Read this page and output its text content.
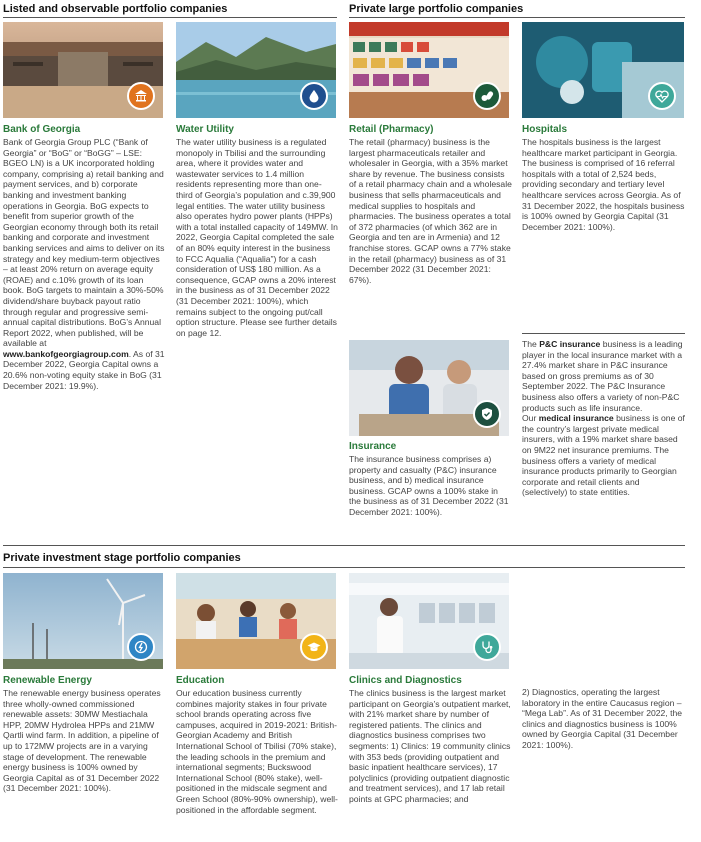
Listed and observable portfolio companies	Private large portfolio companies
Bank of Georgia

Bank of Georgia Group PLC (“Bank of Georgia” or “BoG” or “BoGG” – LSE: BGEO LN) is a UK incorporated holding company, comprising a) retail banking and payment services, and b) corporate banking and investment banking operations in Georgia. BoG expects to benefit from superior growth of the Georgian economy through both its retail banking and corporate and investment banking services and aims to deliver on its strategy and key medium-term objectives – at least 20% return on average equity (ROAE) and c.10% growth of its loan book. BoG targets to maintain a 30%-50% dividend/share buyback payout ratio through regular and progressive semi-annual capital distributions. BoG’s Annual Report 2022, when published, will be available at www.bankofgeorgiagroup.com. As of 31 December 2022, Georgia Capital owns a 20.6% non-voting equity stake in BoG (31 December 2021: 19.9%).

Water Utility

The water utility business is a regulated monopoly in Tbilisi and the surrounding area, where it provides water and wastewater services to 1.4 million residents representing more than one-third of Georgia’s population and c.39,900 legal entities. The water utility business also operates hydro power plants (HPPs) with a total installed capacity of 149MW. In 2022, Georgia Capital completed the sale of an 80% equity interest in the business to FCC Aqualia (“Aqualia”) for a cash consideration of US$ 180 million. As a consequence, GCAP owns a 20% interest in the business as of 31 December 2022 (31 December 2021: 100%), which remains subject to the ongoing put/call option structure. Please see further details on page 12.

Retail (Pharmacy)

The retail (pharmacy) business is the largest pharmaceuticals retailer and wholesaler in Georgia, with a 35% market share by revenue. The business consists of a retail pharmacy chain and a wholesale business that sells pharmaceuticals and medical supplies to hospitals and pharmacies. The business operates a total of 372 pharmacies (of which 362 are in Georgia and ten are in Armenia) and 12 franchise stores. GCAP owns a 77% stake in the retail (pharmacy) business as of 31 December 2022 (31 December 2021: 67%).

Hospitals

The hospitals business is the largest healthcare market participant in Georgia. The business is comprised of 16 referral hospitals with a total of 2,524 beds, providing secondary and tertiary level healthcare services across Georgia. As of 31 December 2022, the hospitals business is 100% owned by Georgia Capital (31 December 2021: 100%).

Insurance

The insurance business comprises a) property and casualty (P&C) insurance business, and b) medical insurance business. GCAP owns a 100% stake in the business as of 31 December 2022 (31 December 2021: 100%).

The P&C insurance business is a leading player in the local insurance market with a 27.4% market share in P&C insurance based on gross premiums as of 30 September 2022. The P&C Insurance business also offers a variety of non-P&C products such as life insurance.

Our medical insurance business is one of the country’s largest private medical insurers, with a 19% market share based on 9M22 net insurance premiums. The business offers a variety of medical insurance products primarily to Georgian corporate and retail clients and (selectively) to state entities.

Private investment stage portfolio companies
Renewable Energy

The renewable energy business operates three wholly-owned commissioned renewable assets: 30MW Mestiachala HPP, 20MW Hydrolea HPPs and 21MW Qartli wind farm. In addition, a pipeline of up to 172MW projects are in a varying stage of development. The renewable energy business is 100% owned by Georgia Capital as of 31 December 2022 (31 December 2021: 100%).

Education

Our education business currently combines majority stakes in four private school brands operating across five campuses, acquired in 2019-2021: British-Georgian Academy and British International School of Tbilisi (70% stake), the leading schools in the premium and international segments; Buckswood International School (80% stake), well-positioned in the midscale segment and Green School (80%-90% ownership), well-positioned in the affordable segment.

Clinics and Diagnostics

The clinics business is the largest market participant on Georgia’s outpatient market, with 21% market share by number of registered patients. The clinics and diagnostics business comprises two segments: 1) Clinics: 19 community clinics with 353 beds (providing outpatient and basic inpatient healthcare services), 17 polyclinics (providing outpatient diagnostic and treatment services), and 17 lab retail points at GPC pharmacies; and

2) Diagnostics, operating the largest laboratory in the entire Caucasus region – “Mega Lab”. As of 31 December 2022, the clinics and diagnostics business is 100% owned by Georgia Capital (31 December 2021: 100%).
